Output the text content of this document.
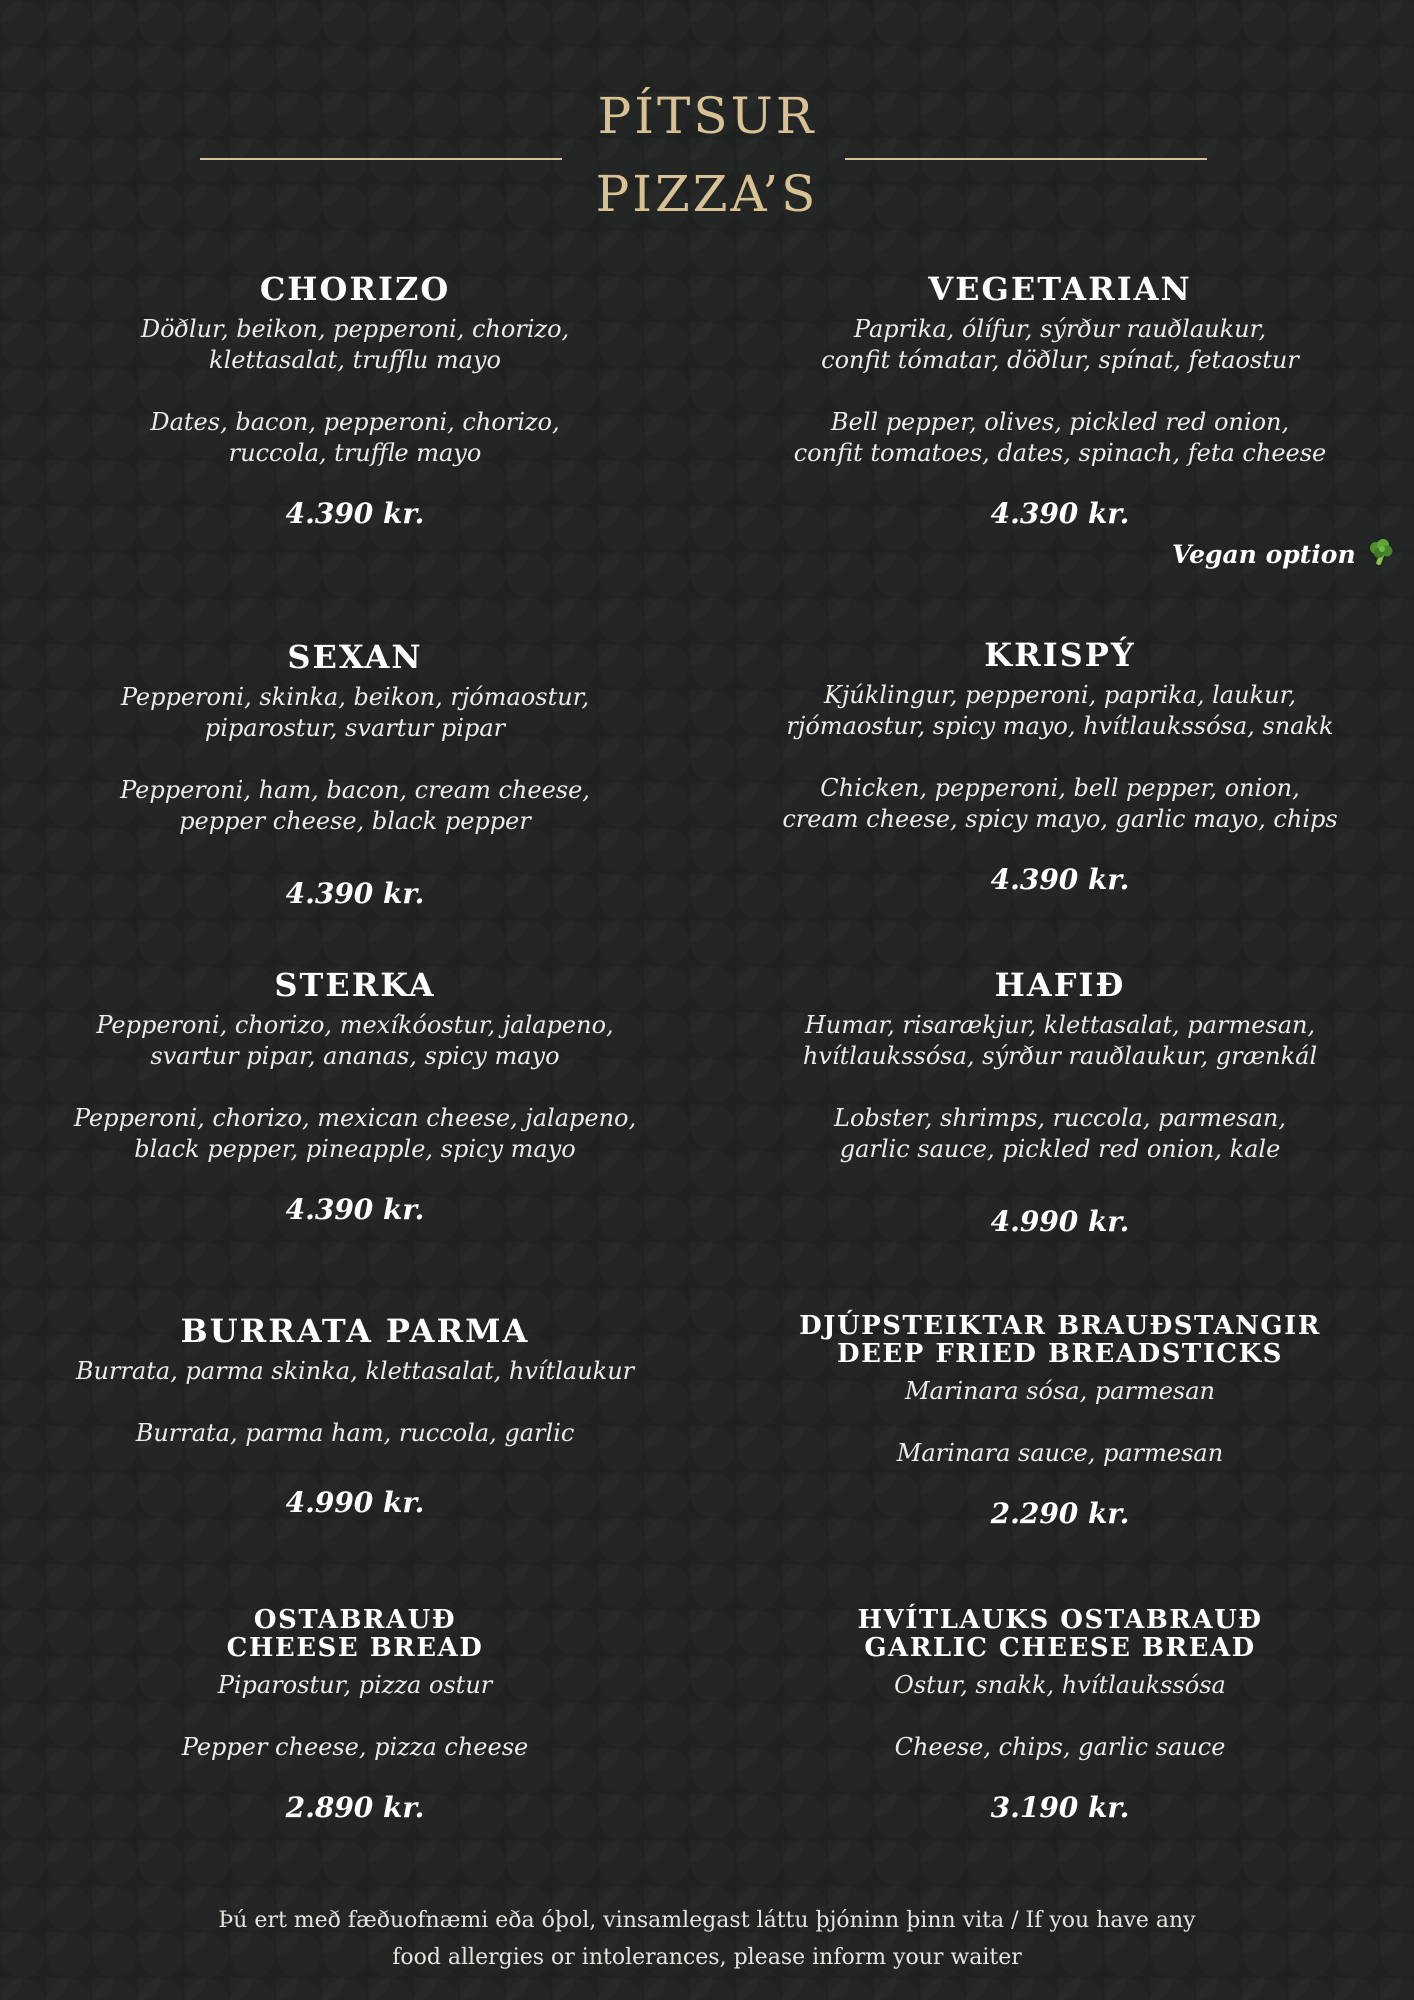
PÍTSUR
PIZZA’S
CHORIZO
Döðlur, beikon, pepperoni, chorizo,
klettasalat, trufflu mayo
Dates, bacon, pepperoni, chorizo,
ruccola, truffle mayo
4.390 kr.
VEGETARIAN
Paprika, ólífur, sýrður rauðlaukur,
confit tómatar, döðlur, spínat, fetaostur
Bell pepper, olives, pickled red onion,
confit tomatoes, dates, spinach, feta cheese
4.390 kr.
Vegan option
SEXAN
Pepperoni, skinka, beikon, rjómaostur,
piparostur, svartur pipar
Pepperoni, ham, bacon, cream cheese,
pepper cheese, black pepper
4.390 kr.
KRISPÝ
Kjúklingur, pepperoni, paprika, laukur,
rjómaostur, spicy mayo, hvítlaukssósa, snakk
Chicken, pepperoni, bell pepper, onion,
cream cheese, spicy mayo, garlic mayo, chips
4.390 kr.
STERKA
Pepperoni, chorizo, mexíkóostur, jalapeno,
svartur pipar, ananas, spicy mayo
Pepperoni, chorizo, mexican cheese, jalapeno,
black pepper, pineapple, spicy mayo
4.390 kr.
HAFIÐ
Humar, risarækjur, klettasalat, parmesan,
hvítlaukssósa, sýrður rauðlaukur, grænkál
Lobster, shrimps, ruccola, parmesan,
garlic sauce, pickled red onion, kale
4.990 kr.
BURRATA PARMA
Burrata, parma skinka, klettasalat, hvítlaukur
Burrata, parma ham, ruccola, garlic
4.990 kr.
DJÚPSTEIKTAR BRAUÐSTANGIR
DEEP FRIED BREADSTICKS
Marinara sósa, parmesan
Marinara sauce, parmesan
2.290 kr.
OSTABRAUÐ
CHEESE BREAD
Piparostur, pizza ostur
Pepper cheese, pizza cheese
2.890 kr.
HVÍTLAUKS OSTABRAUÐ
GARLIC CHEESE BREAD
Ostur, snakk, hvítlaukssósa
Cheese, chips, garlic sauce
3.190 kr.
Þú ert með fæðuofnæmi eða óþol, vinsamlegast láttu þjóninn þinn vita / If you have any
food allergies or intolerances, please inform your waiter
